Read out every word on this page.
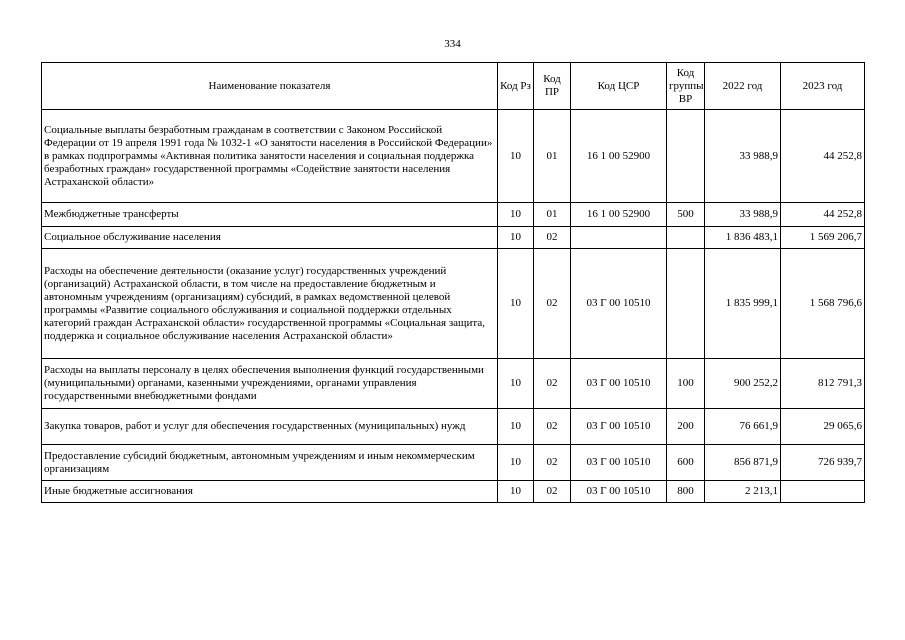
334
Наименование показателя	Код Рз	Код ПР	Код ЦСР	Код группы ВР	2022 год	2023 год
Социальные выплаты безработным гражданам в соответствии с Законом Российской Федерации от 19 апреля 1991 года № 1032-1 «О занятости населения в Российской Федерации» в рамках подпрограммы «Активная политика занятости населения и социальная поддержка безработных граждан» государственной программы «Содействие занятости населения Астраханской области»	10	01	16 1 00 52900		33 988,9	44 252,8
Межбюджетные трансферты	10	01	16 1 00 52900	500	33 988,9	44 252,8
Социальное обслуживание населения	10	02			1 836 483,1	1 569 206,7
Расходы на обеспечение деятельности (оказание услуг) государственных учреждений (организаций) Астраханской области, в том числе на предоставление бюджетным и автономным учреждениям (организациям) субсидий, в рамках ведомственной целевой программы «Развитие социального обслуживания и социальной поддержки отдельных категорий граждан Астраханской области» государственной программы «Социальная защита, поддержка и социальное обслуживание населения Астраханской области»	10	02	03 Г 00 10510		1 835 999,1	1 568 796,6
Расходы на выплаты персоналу в целях обеспечения выполнения функций государственными (муниципальными) органами, казенными учреждениями, органами управления государственными внебюджетными фондами	10	02	03 Г 00 10510	100	900 252,2	812 791,3
Закупка товаров, работ и услуг для обеспечения государственных (муниципальных) нужд	10	02	03 Г 00 10510	200	76 661,9	29 065,6
Предоставление субсидий бюджетным, автономным учреждениям и иным некоммерческим организациям	10	02	03 Г 00 10510	600	856 871,9	726 939,7
Иные бюджетные ассигнования	10	02	03 Г 00 10510	800	2 213,1	
